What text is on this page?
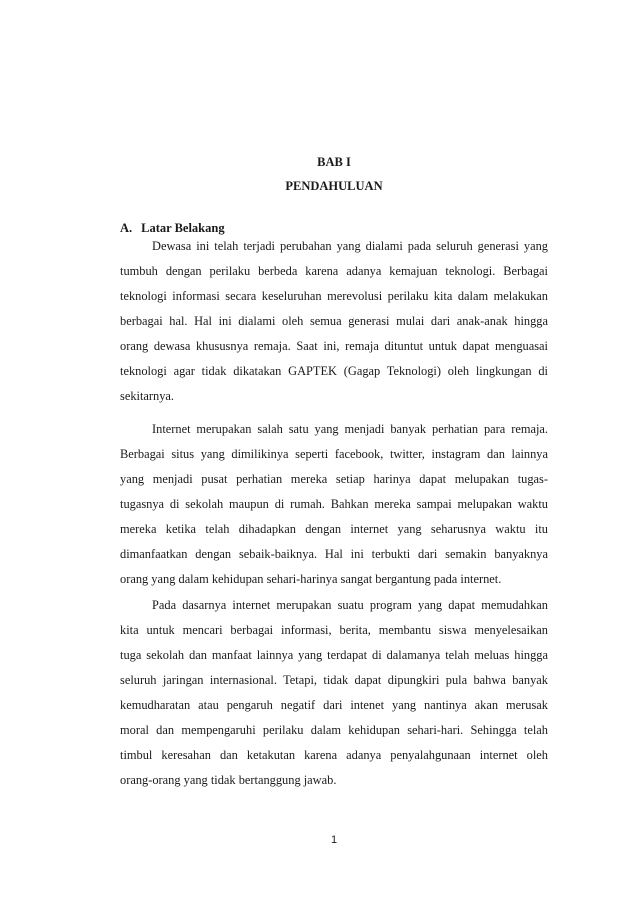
BAB I
PENDAHULUAN
A. Latar Belakang
Dewasa ini telah terjadi perubahan yang dialami pada seluruh generasi yang
tumbuh dengan perilaku berbeda karena adanya kemajuan teknologi. Berbagai
teknologi informasi secara keseluruhan merevolusi perilaku kita dalam melakukan
berbagai hal. Hal ini dialami oleh semua generasi mulai dari anak-anak hingga
orang dewasa khususnya remaja. Saat ini, remaja dituntut untuk dapat menguasai
teknologi agar tidak dikatakan GAPTEK (Gagap Teknologi) oleh lingkungan di
sekitarnya.
Internet merupakan salah satu yang menjadi banyak perhatian para remaja.
Berbagai situs yang dimilikinya seperti facebook, twitter, instagram dan lainnya
yang menjadi pusat perhatian mereka setiap harinya dapat melupakan tugas-
tugasnya di sekolah maupun di rumah. Bahkan mereka sampai melupakan waktu
mereka ketika telah dihadapkan dengan internet yang seharusnya waktu itu
dimanfaatkan dengan sebaik-baiknya. Hal ini terbukti dari semakin banyaknya
orang yang dalam kehidupan sehari-harinya sangat bergantung pada internet.
Pada dasarnya internet merupakan suatu program yang dapat memudahkan
kita untuk mencari berbagai informasi, berita, membantu siswa menyelesaikan
tuga sekolah dan manfaat lainnya yang terdapat di dalamanya telah meluas hingga
seluruh jaringan internasional. Tetapi, tidak dapat dipungkiri pula bahwa banyak
kemudharatan atau pengaruh negatif dari intenet yang nantinya akan merusak
moral dan mempengaruhi perilaku dalam kehidupan sehari-hari. Sehingga telah
timbul keresahan dan ketakutan karena adanya penyalahgunaan internet oleh
orang-orang yang tidak bertanggung jawab.
1
